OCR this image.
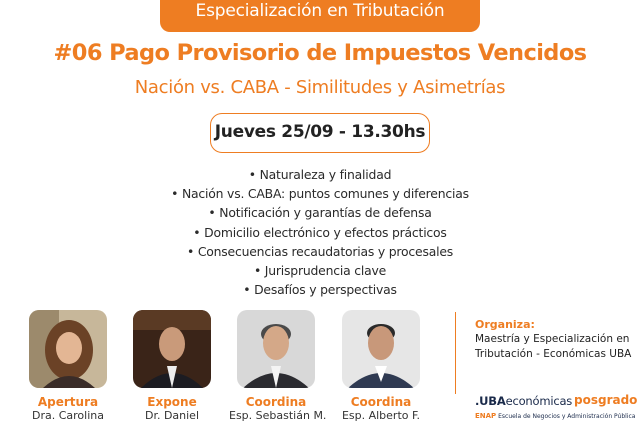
Especialización en Tributación
#06 Pago Provisorio de Impuestos Vencidos
Nación vs. CABA - Similitudes y Asimetrías
Jueves 25/09 - 13.30hs
• Naturaleza y finalidad
• Nación vs. CABA: puntos comunes y diferencias
• Notificación y garantías de defensa
• Domicilio electrónico y efectos prácticos
• Consecuencias recaudatorias y procesales
• Jurisprudencia clave
• Desafíos y perspectivas
Apertura
Dra. Carolina
Expone
Dr. Daniel
Coordina
Esp. Sebastián M.
Coordina
Esp. Alberto F.
Organiza:
Maestría y Especialización en Tributación - Económicas UBA
.UBAeconómicas posgrado
ENAP Escuela de Negocios y Administración Pública
